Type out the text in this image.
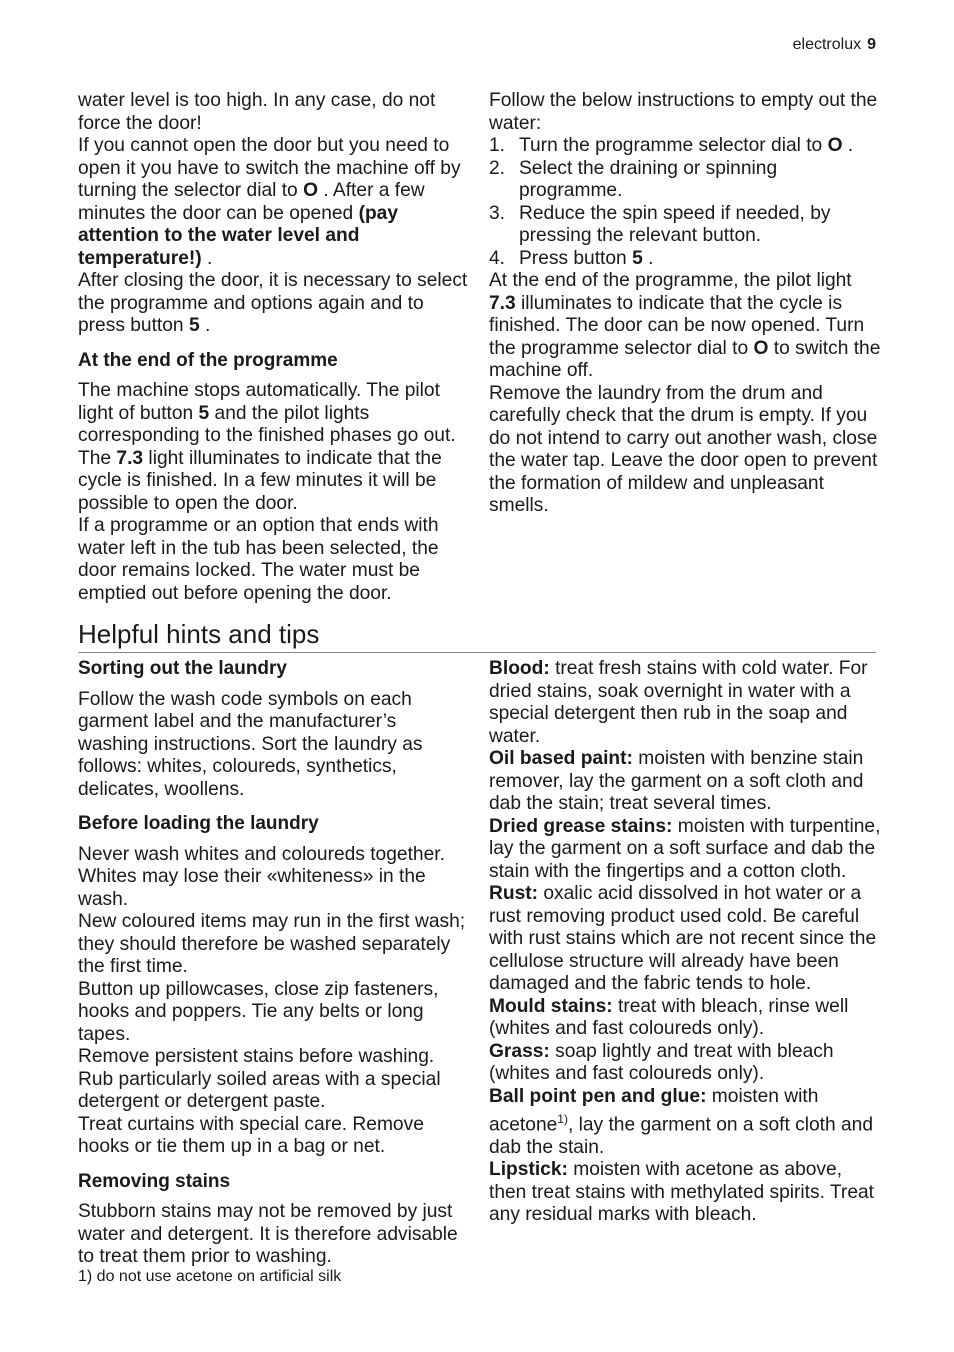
electrolux 9

water level is too high. In any case, do not force the door!

If you cannot open the door but you need to open it you have to switch the machine off by turning the selector dial to O . After a few minutes the door can be opened (pay attention to the water level and temperature!) .

After closing the door, it is necessary to select the programme and options again and to press button 5 .

At the end of the programme

The machine stops automatically. The pilot light of button 5 and the pilot lights corresponding to the finished phases go out. The 7.3 light illuminates to indicate that the cycle is finished. In a few minutes it will be possible to open the door.

If a programme or an option that ends with water left in the tub has been selected, the door remains locked. The water must be emptied out before opening the door.

Follow the below instructions to empty out the water:

1. Turn the programme selector dial to O .
2. Select the draining or spinning programme.
3. Reduce the spin speed if needed, by pressing the relevant button.
4. Press button 5 .

At the end of the programme, the pilot light 7.3 illuminates to indicate that the cycle is finished. The door can be now opened. Turn the programme selector dial to O to switch the machine off.

Remove the laundry from the drum and carefully check that the drum is empty. If you do not intend to carry out another wash, close the water tap. Leave the door open to prevent the formation of mildew and unpleasant smells.

Helpful hints and tips
Sorting out the laundry

Follow the wash code symbols on each garment label and the manufacturer’s washing instructions. Sort the laundry as follows: whites, coloureds, synthetics, delicates, woollens.

Before loading the laundry

Never wash whites and coloureds together. Whites may lose their «whiteness» in the wash.

New coloured items may run in the first wash; they should therefore be washed separately the first time.

Button up pillowcases, close zip fasteners, hooks and poppers. Tie any belts or long tapes.

Remove persistent stains before washing. Rub particularly soiled areas with a special detergent or detergent paste.

Treat curtains with special care. Remove hooks or tie them up in a bag or net.

Removing stains

Stubborn stains may not be removed by just water and detergent. It is therefore advisable to treat them prior to washing.

Blood: treat fresh stains with cold water. For dried stains, soak overnight in water with a special detergent then rub in the soap and water.

Oil based paint: moisten with benzine stain remover, lay the garment on a soft cloth and dab the stain; treat several times.

Dried grease stains: moisten with turpentine, lay the garment on a soft surface and dab the stain with the fingertips and a cotton cloth.

Rust: oxalic acid dissolved in hot water or a rust removing product used cold. Be careful with rust stains which are not recent since the cellulose structure will already have been damaged and the fabric tends to hole.

Mould stains: treat with bleach, rinse well (whites and fast coloureds only).

Grass: soap lightly and treat with bleach (whites and fast coloureds only).

Ball point pen and glue: moisten with acetone$^{1)}$, lay the garment on a soft cloth and dab the stain.

Lipstick: moisten with acetone as above, then treat stains with methylated spirits. Treat any residual marks with bleach.

1) do not use acetone on artificial silk
